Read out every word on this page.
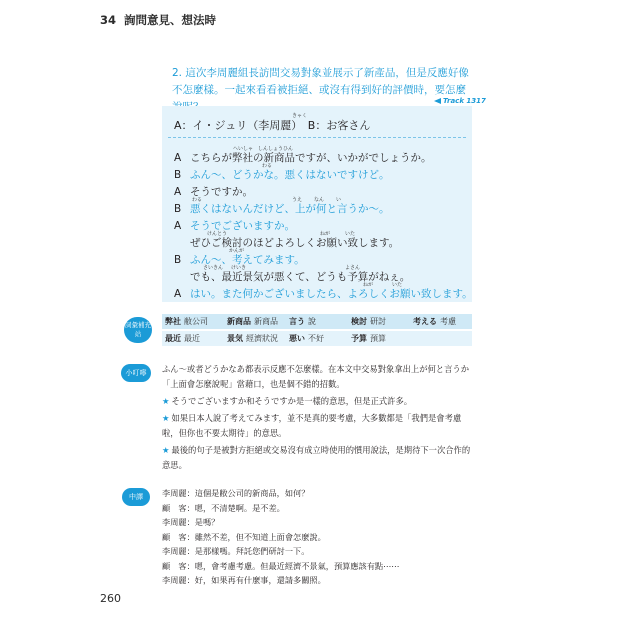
34 詢問意見、想法時
2. 這次李周麗組長訪問交易對象並展示了新產品，但是反應好像不怎麼樣。一起來看看被拒絕、或沒有得到好的評價時，要怎麼
Track 1317
きゃく
A：イ・ジュリ（李周麗）　B：お客さん
へいしゃ しんしょうひん
わる
わる	うえ なん い
けんとう	ねが	いた
かんが
さいきん けいき	よさん
ねが	いた
A こちらが弊社の新商品ですが、いかがでしょうか。
B ふん〜、どうかな。悪くはないですけど。
A そうですか。
B 悪くはないんだけど、上が何と言うか〜。
A そうでございますか。
ぜひご検討のほどよろしくお願い致します。
B ふん〜、考えてみます。
でも、最近景気が悪くて、どうも予算がねぇ。
A はい。また何かございましたら、よろしくお願い致します。
詞彙補充站
弊社 敝公司	新商品 新商品	言う 說	検討 研討	考える 考慮
最近 最近	景気 經濟狀況	悪い 不好	予算 預算
小叮嚀	ふん〜或者どうかなあ都表示反應不怎麼樣。在本文中交易對象拿出上が何と言うか「上面會怎麼說呢」當藉口，也是個不錯的招數。
★ そうでございますか和そうですか是一樣的意思，但是正式許多。
★ 如果日本人說了考えてみます，並不是真的要考慮，大多數都是「我們是會考慮啦，但你也不要太期待」的意思。
★ 最後的句子是被對方拒絕或交易沒有成立時使用的慣用說法，是期待下一次合作的意思。
中譯	李周麗：這個是敝公司的新商品，如何？
顧　客：嗯，不清楚啊。是不差。
李周麗：是嗎？
顧　客：雖然不差，但不知道上面會怎麼說。
李周麗：是那樣嗎。拜託您們研討一下。
顧　客：嗯，會考慮考慮。但最近經濟不景氣，預算應該有點⋯⋯
李周麗：好，如果再有什麼事，還請多關照。
260
